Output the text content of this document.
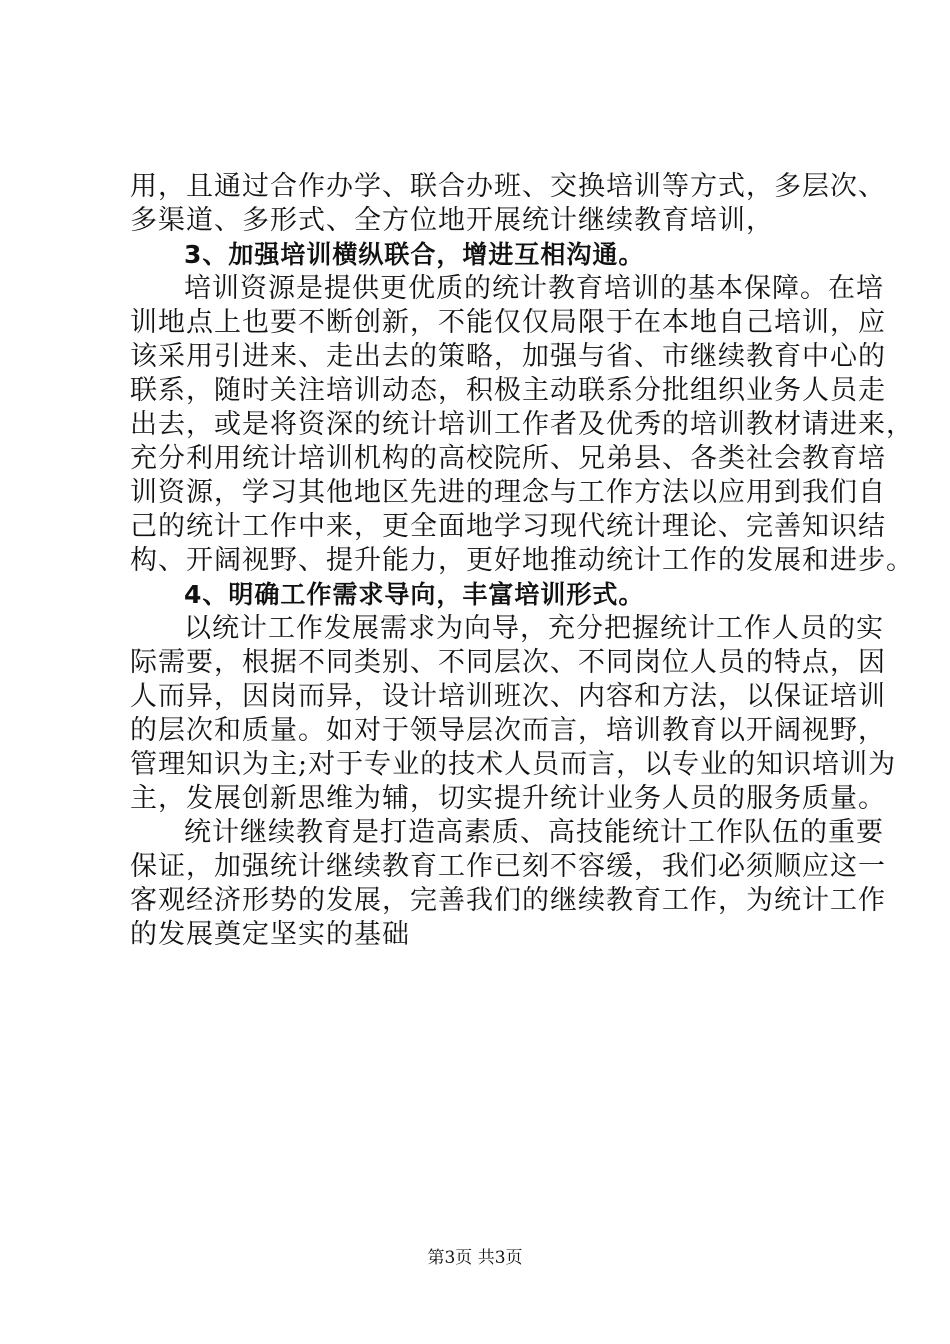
用，且通过合作办学、联合办班、交换培训等方式，多层次、
多渠道、多形式、全方位地开展统计继续教育培训，
3、加强培训横纵联合，增进互相沟通。
培训资源是提供更优质的统计教育培训的基本保障。在培
训地点上也要不断创新，不能仅仅局限于在本地自己培训，应
该采用引进来、走出去的策略，加强与省、市继续教育中心的
联系，随时关注培训动态，积极主动联系分批组织业务人员走
出去，或是将资深的统计培训工作者及优秀的培训教材请进来，
充分利用统计培训机构的高校院所、兄弟县、各类社会教育培
训资源，学习其他地区先进的理念与工作方法以应用到我们自
己的统计工作中来，更全面地学习现代统计理论、完善知识结
构、开阔视野、提升能力，更好地推动统计工作的发展和进步。
4、明确工作需求导向，丰富培训形式。
以统计工作发展需求为向导，充分把握统计工作人员的实
际需要，根据不同类别、不同层次、不同岗位人员的特点，因
人而异，因岗而异，设计培训班次、内容和方法，以保证培训
的层次和质量。如对于领导层次而言，培训教育以开阔视野，
管理知识为主;对于专业的技术人员而言，以专业的知识培训为
主，发展创新思维为辅，切实提升统计业务人员的服务质量。
统计继续教育是打造高素质、高技能统计工作队伍的重要
保证，加强统计继续教育工作已刻不容缓，我们必须顺应这一
客观经济形势的发展，完善我们的继续教育工作，为统计工作
的发展奠定坚实的基础
第3页 共3页
